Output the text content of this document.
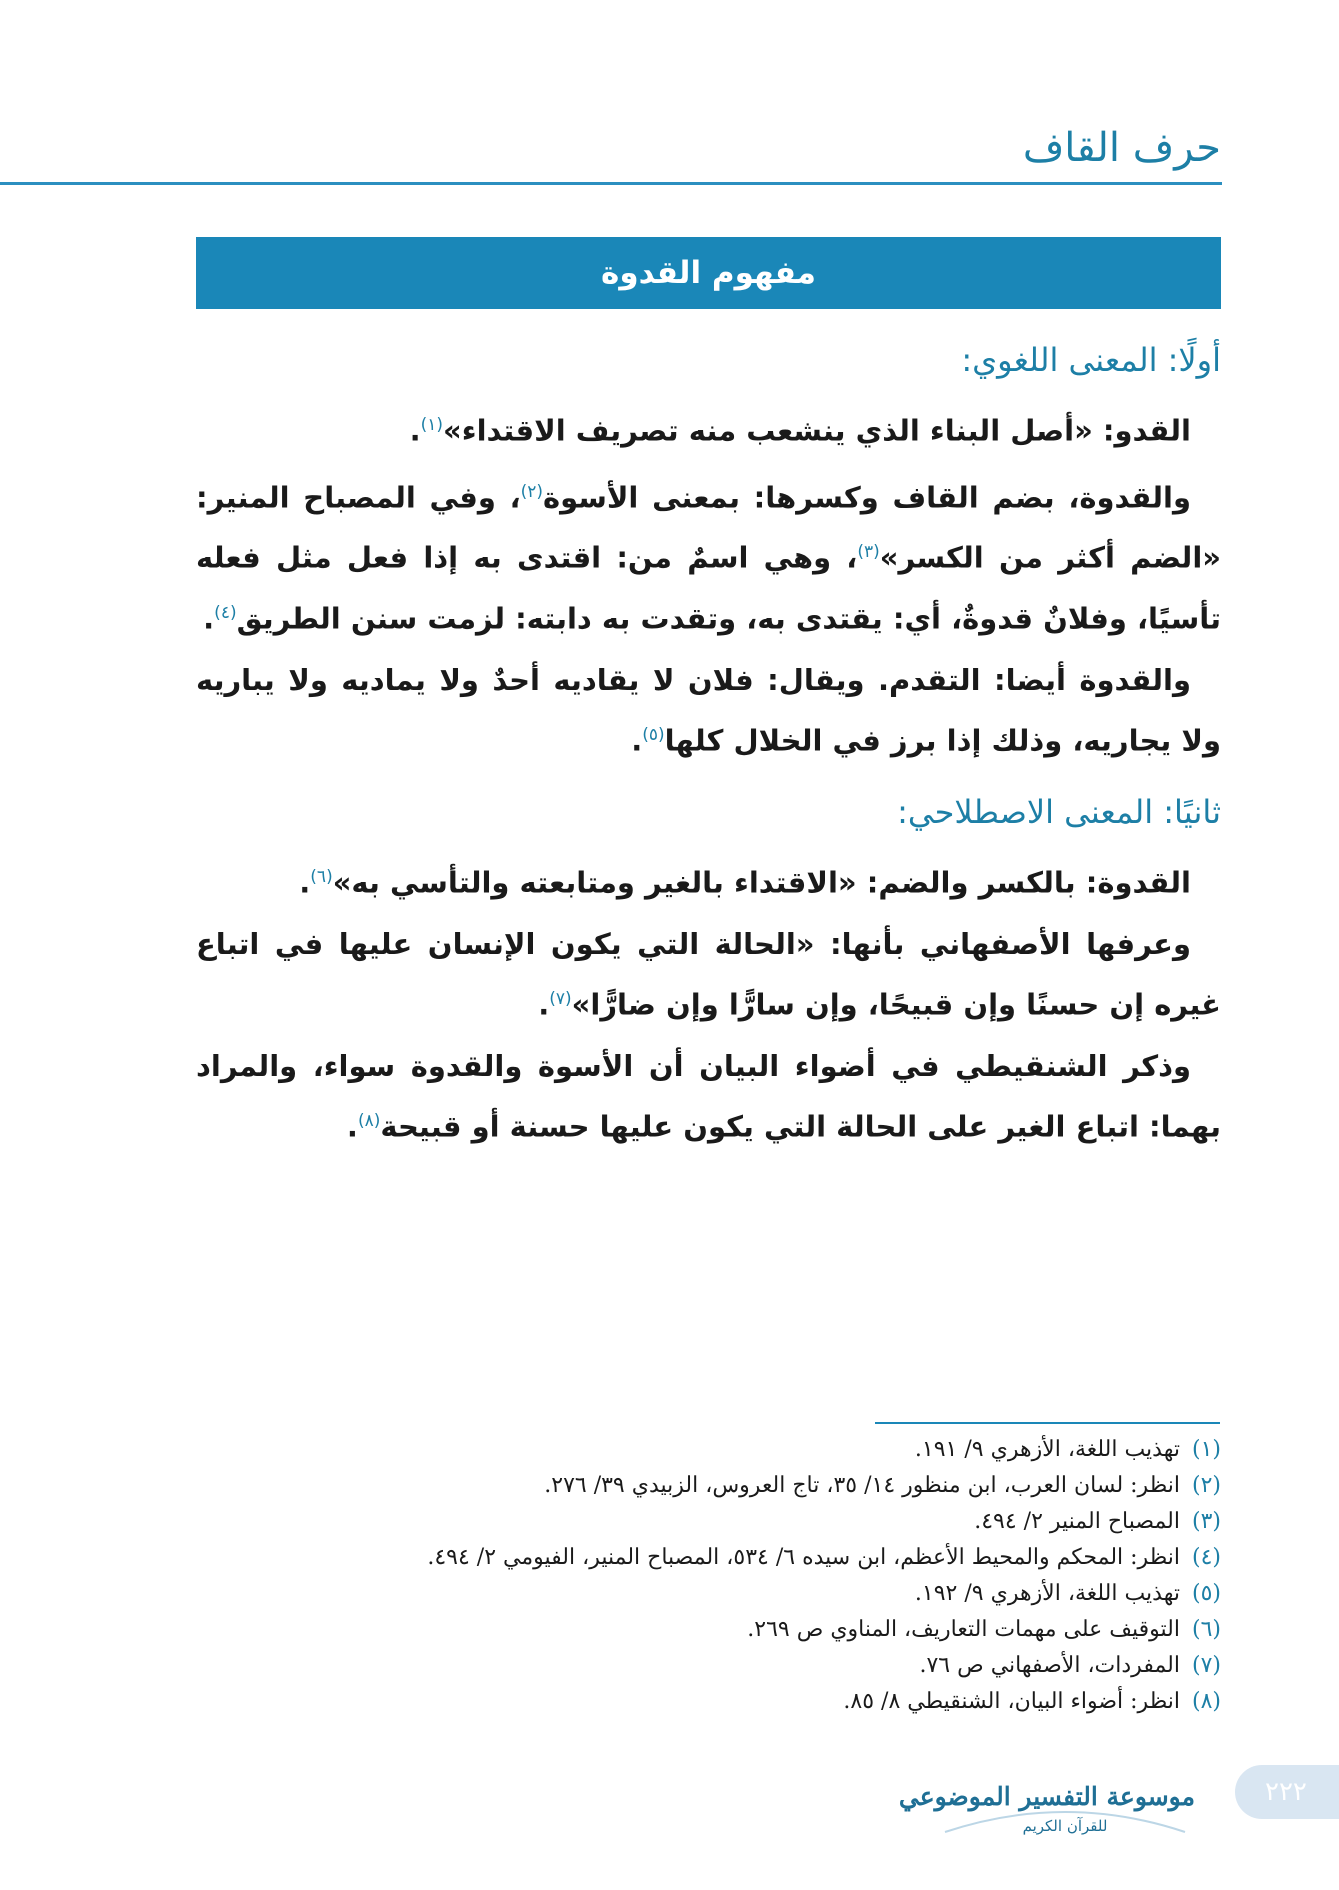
حرف القاف
مفهوم القدوة
أولًا: المعنى اللغوي:

القدو: «أصل البناء الذي ينشعب منه تصريف الاقتداء»$^{(١)}$.

والقدوة، بضم القاف وكسرها: بمعنى الأسوة$^{(٢)}$، وفي المصباح المنير: «الضم أكثر من الكسر»$^{(٣)}$، وهي اسمٌ من: اقتدى به إذا فعل مثل فعله تأسيًا، وفلانٌ قدوةٌ، أي: يقتدى به، وتقدت به دابته: لزمت سنن الطريق$^{(٤)}$.

والقدوة أيضا: التقدم. ويقال: فلان لا يقاديه أحدٌ ولا يماديه ولا يباريه ولا يجاريه، وذلك إذا برز في الخلال كلها$^{(٥)}$.

ثانيًا: المعنى الاصطلاحي:

القدوة: بالكسر والضم: «الاقتداء بالغير ومتابعته والتأسي به»$^{(٦)}$.

وعرفها الأصفهاني بأنها: «الحالة التي يكون الإنسان عليها في اتباع غيره إن حسنًا وإن قبيحًا، وإن سارًّا وإن ضارًّا»$^{(٧)}$.

وذكر الشنقيطي في أضواء البيان أن الأسوة والقدوة سواء، والمراد بهما: اتباع الغير على الحالة التي يكون عليها حسنة أو قبيحة$^{(٨)}$.

(١)تهذيب اللغة، الأزهري ٩/ ١٩١.
(٢)انظر: لسان العرب، ابن منظور ١٤/ ٣٥، تاج العروس، الزبيدي ٣٩/ ٢٧٦.
(٣)المصباح المنير ٢/ ٤٩٤.
(٤)انظر: المحكم والمحيط الأعظم، ابن سيده ٦/ ٥٣٤، المصباح المنير، الفيومي ٢/ ٤٩٤.
(٥)تهذيب اللغة، الأزهري ٩/ ١٩٢.
(٦)التوقيف على مهمات التعاريف، المناوي ص ٢٦٩.
(٧)المفردات، الأصفهاني ص ٧٦.
(٨)انظر: أضواء البيان، الشنقيطي ٨/ ٨٥.
موسوعة التفسير الموضوعي
للقرآن الكريم
٢٢٢
